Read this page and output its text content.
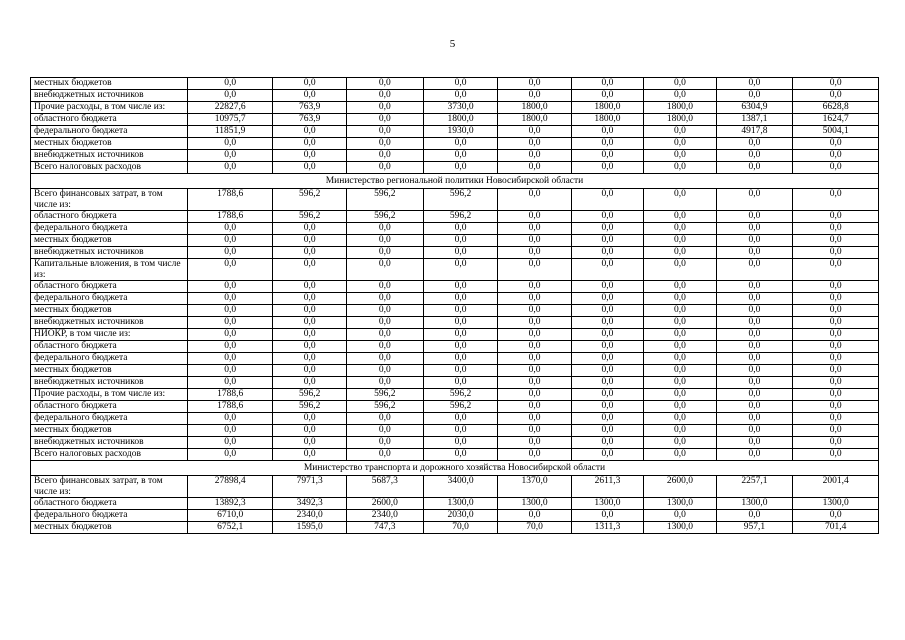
5
местных бюджетов	0,0	0,0	0,0	0,0	0,0	0,0	0,0	0,0	0,0
внебюджетных источников	0,0	0,0	0,0	0,0	0,0	0,0	0,0	0,0	0,0
Прочие расходы, в том числе из:	22827,6	763,9	0,0	3730,0	1800,0	1800,0	1800,0	6304,9	6628,8
областного бюджета	10975,7	763,9	0,0	1800,0	1800,0	1800,0	1800,0	1387,1	1624,7
федерального бюджета	11851,9	0,0	0,0	1930,0	0,0	0,0	0,0	4917,8	5004,1
местных бюджетов	0,0	0,0	0,0	0,0	0,0	0,0	0,0	0,0	0,0
внебюджетных источников	0,0	0,0	0,0	0,0	0,0	0,0	0,0	0,0	0,0
Всего налоговых расходов	0,0	0,0	0,0	0,0	0,0	0,0	0,0	0,0	0,0
Министерство региональной политики Новосибирской области									
Всего финансовых затрат, в том числе из:	1788,6	596,2	596,2	596,2	0,0	0,0	0,0	0,0	0,0
областного бюджета	1788,6	596,2	596,2	596,2	0,0	0,0	0,0	0,0	0,0
федерального бюджета	0,0	0,0	0,0	0,0	0,0	0,0	0,0	0,0	0,0
местных бюджетов	0,0	0,0	0,0	0,0	0,0	0,0	0,0	0,0	0,0
внебюджетных источников	0,0	0,0	0,0	0,0	0,0	0,0	0,0	0,0	0,0
Капитальные вложения, в том числе из:	0,0	0,0	0,0	0,0	0,0	0,0	0,0	0,0	0,0
областного бюджета	0,0	0,0	0,0	0,0	0,0	0,0	0,0	0,0	0,0
федерального бюджета	0,0	0,0	0,0	0,0	0,0	0,0	0,0	0,0	0,0
местных бюджетов	0,0	0,0	0,0	0,0	0,0	0,0	0,0	0,0	0,0
внебюджетных источников	0,0	0,0	0,0	0,0	0,0	0,0	0,0	0,0	0,0
НИОКР, в том числе из:	0,0	0,0	0,0	0,0	0,0	0,0	0,0	0,0	0,0
областного бюджета	0,0	0,0	0,0	0,0	0,0	0,0	0,0	0,0	0,0
федерального бюджета	0,0	0,0	0,0	0,0	0,0	0,0	0,0	0,0	0,0
местных бюджетов	0,0	0,0	0,0	0,0	0,0	0,0	0,0	0,0	0,0
внебюджетных источников	0,0	0,0	0,0	0,0	0,0	0,0	0,0	0,0	0,0
Прочие расходы, в том числе из:	1788,6	596,2	596,2	596,2	0,0	0,0	0,0	0,0	0,0
областного бюджета	1788,6	596,2	596,2	596,2	0,0	0,0	0,0	0,0	0,0
федерального бюджета	0,0	0,0	0,0	0,0	0,0	0,0	0,0	0,0	0,0
местных бюджетов	0,0	0,0	0,0	0,0	0,0	0,0	0,0	0,0	0,0
внебюджетных источников	0,0	0,0	0,0	0,0	0,0	0,0	0,0	0,0	0,0
Всего налоговых расходов	0,0	0,0	0,0	0,0	0,0	0,0	0,0	0,0	0,0
Министерство транспорта и дорожного хозяйства Новосибирской области									
Всего финансовых затрат, в том числе из:	27898,4	7971,3	5687,3	3400,0	1370,0	2611,3	2600,0	2257,1	2001,4
областного бюджета	13892,3	3492,3	2600,0	1300,0	1300,0	1300,0	1300,0	1300,0	1300,0
федерального бюджета	6710,0	2340,0	2340,0	2030,0	0,0	0,0	0,0	0,0	0,0
местных бюджетов	6752,1	1595,0	747,3	70,0	70,0	1311,3	1300,0	957,1	701,4
